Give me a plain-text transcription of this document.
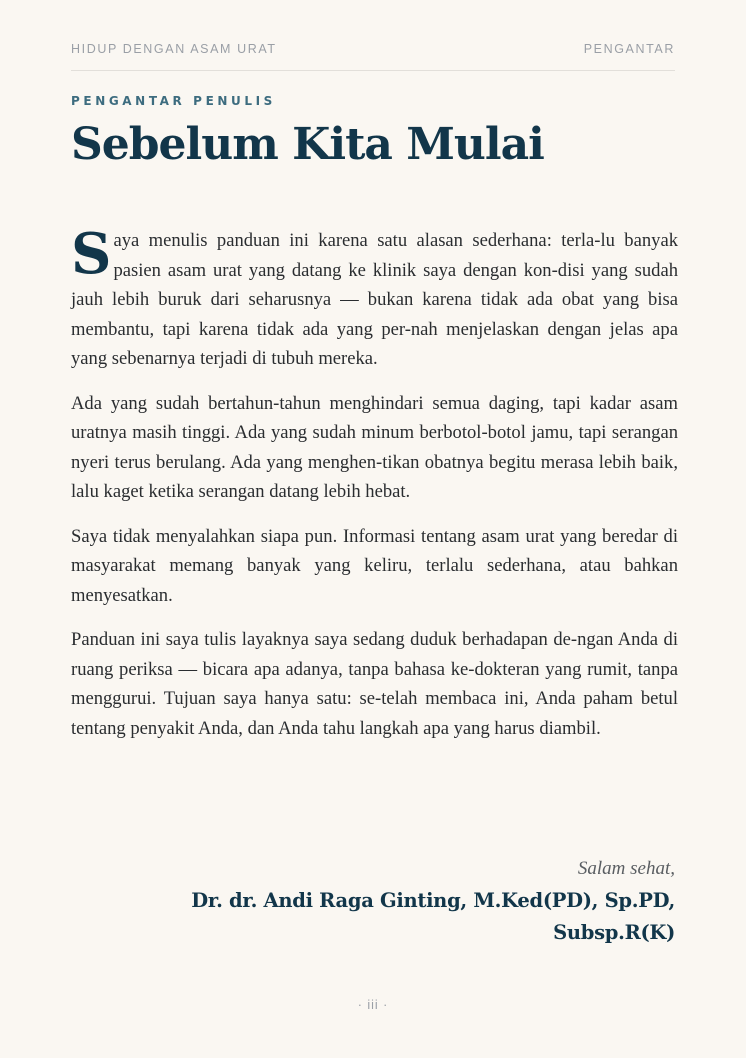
HIDUP DENGAN ASAM URAT	PENGANTAR
PENGANTAR PENULIS
Sebelum Kita Mulai

Saya menulis panduan ini karena satu alasan sederhana: terla-lu banyak pasien asam urat yang datang ke klinik saya dengan kon-disi yang sudah jauh lebih buruk dari seharusnya — bukan karena tidak ada obat yang bisa membantu, tapi karena tidak ada yang per-nah menjelaskan dengan jelas apa yang sebenarnya terjadi di tubuh mereka.

Ada yang sudah bertahun-tahun menghindari semua daging, tapi kadar asam uratnya masih tinggi. Ada yang sudah minum berbotol-botol jamu, tapi serangan nyeri terus berulang. Ada yang menghen-tikan obatnya begitu merasa lebih baik, lalu kaget ketika serangan datang lebih hebat.

Saya tidak menyalahkan siapa pun. Informasi tentang asam urat yang beredar di masyarakat memang banyak yang keliru, terlalu sederhana, atau bahkan menyesatkan.

Panduan ini saya tulis layaknya saya sedang duduk berhadapan de-ngan Anda di ruang periksa — bicara apa adanya, tanpa bahasa ke-dokteran yang rumit, tanpa menggurui. Tujuan saya hanya satu: se-telah membaca ini, Anda paham betul tentang penyakit Anda, dan Anda tahu langkah apa yang harus diambil.

Salam sehat,
Dr. dr. Andi Raga Ginting, M.Ked(PD), Sp.PD,
Subsp.R(K)
· iii ·
